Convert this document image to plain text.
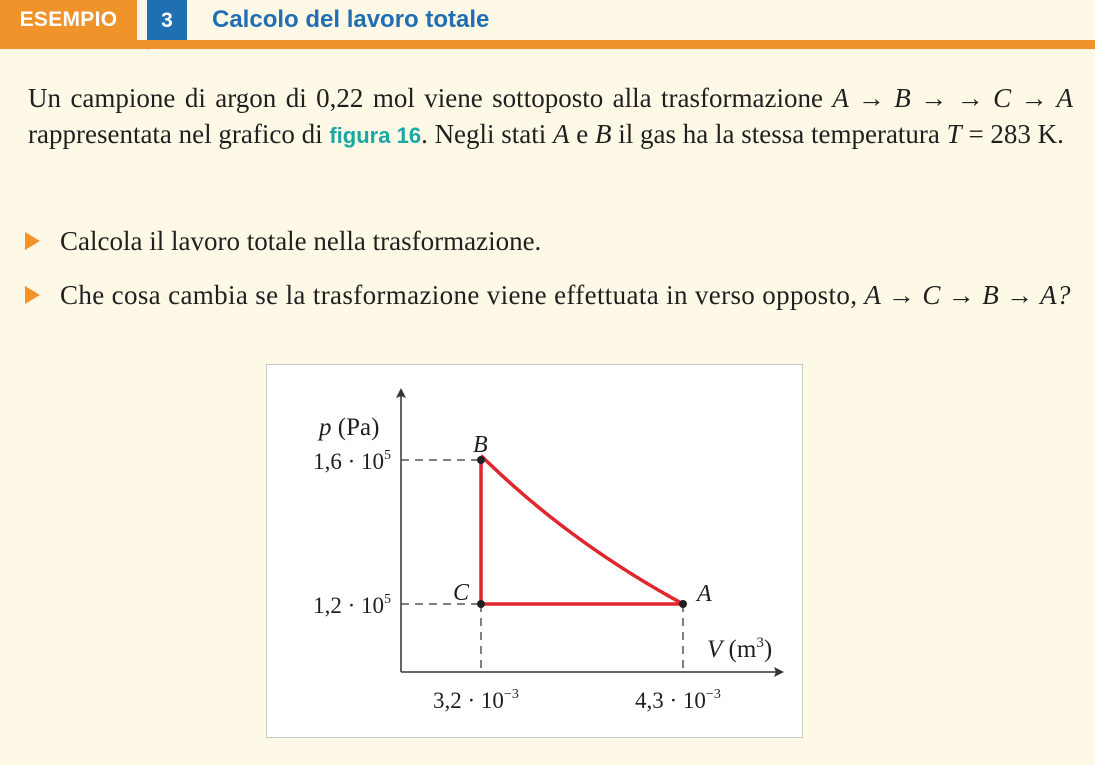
ESEMPIO	3	Calcolo del lavoro totale
Un campione di argon di 0,22 mol viene sottoposto alla trasformazione A → B → → C → A rappresentata nel grafico di figura 16. Negli stati A e B il gas ha la stessa temperatura T = 283 K.
Calcola il lavoro totale nella trasformazione.
Che cosa cambia se la trasformazione viene effettuata in verso opposto, A → C → B → A?
p (Pa)
V $(m^3)$
$1,6 \cdot 10^5$
$1,2 \cdot 10^5$
$3,2 \cdot 10^{-3}$	$4,3 \cdot 10^{-3}$
A
B
C
